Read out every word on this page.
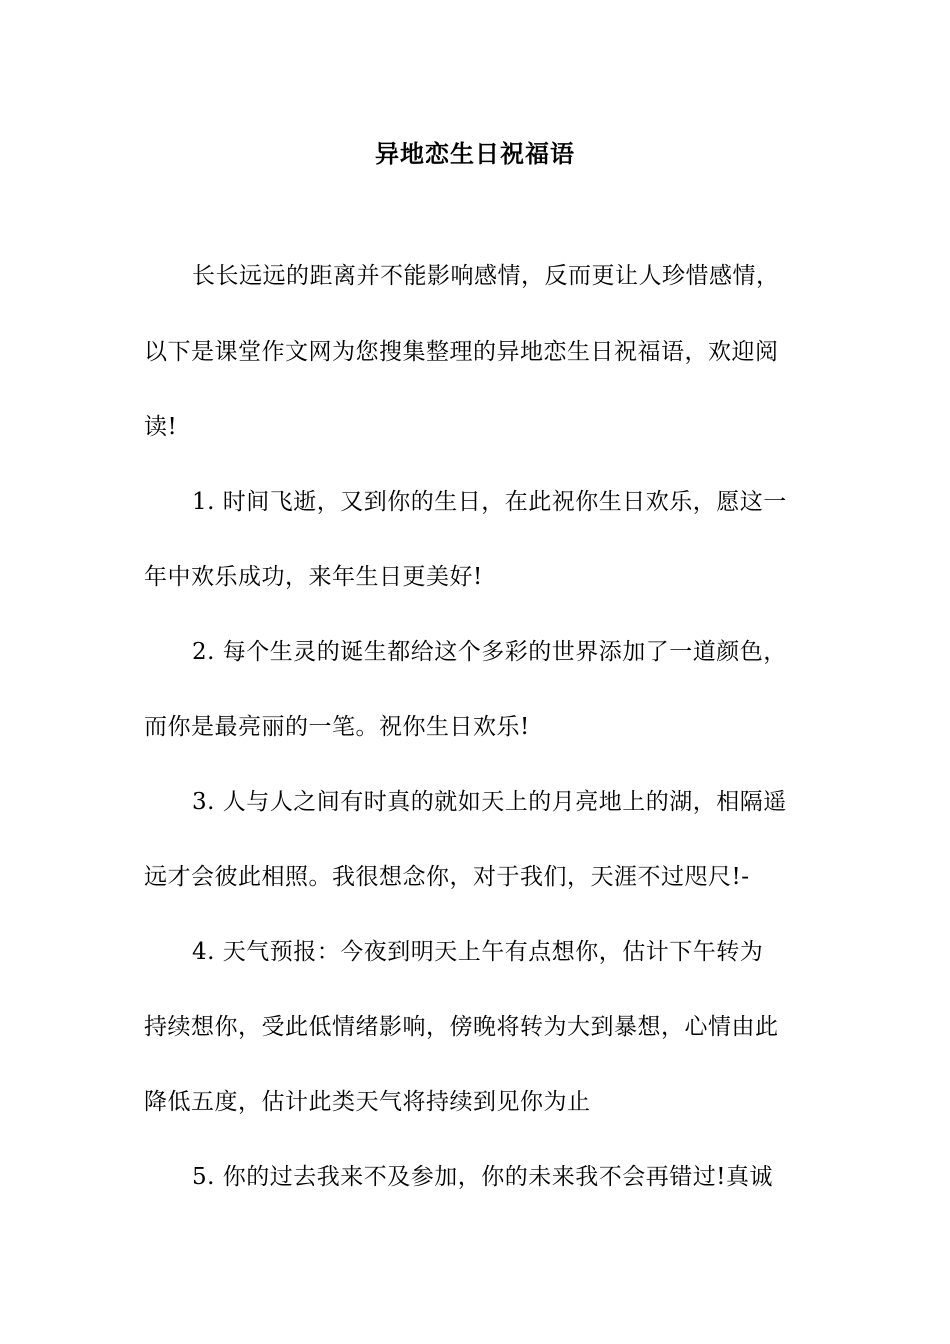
异地恋生日祝福语
长长远远的距离并不能影响感情，反而更让人珍惜感情，
以下是课堂作文网为您搜集整理的异地恋生日祝福语，欢迎阅
读!
1. 时间飞逝，又到你的生日，在此祝你生日欢乐，愿这一
年中欢乐成功，来年生日更美好!
2. 每个生灵的诞生都给这个多彩的世界添加了一道颜色，
而你是最亮丽的一笔。祝你生日欢乐!
3. 人与人之间有时真的就如天上的月亮地上的湖，相隔遥
远才会彼此相照。我很想念你，对于我们，天涯不过咫尺!-
4. 天气预报：今夜到明天上午有点想你，估计下午转为
持续想你，受此低情绪影响，傍晚将转为大到暴想，心情由此
降低五度，估计此类天气将持续到见你为止
5. 你的过去我来不及参加，你的未来我不会再错过!真诚
